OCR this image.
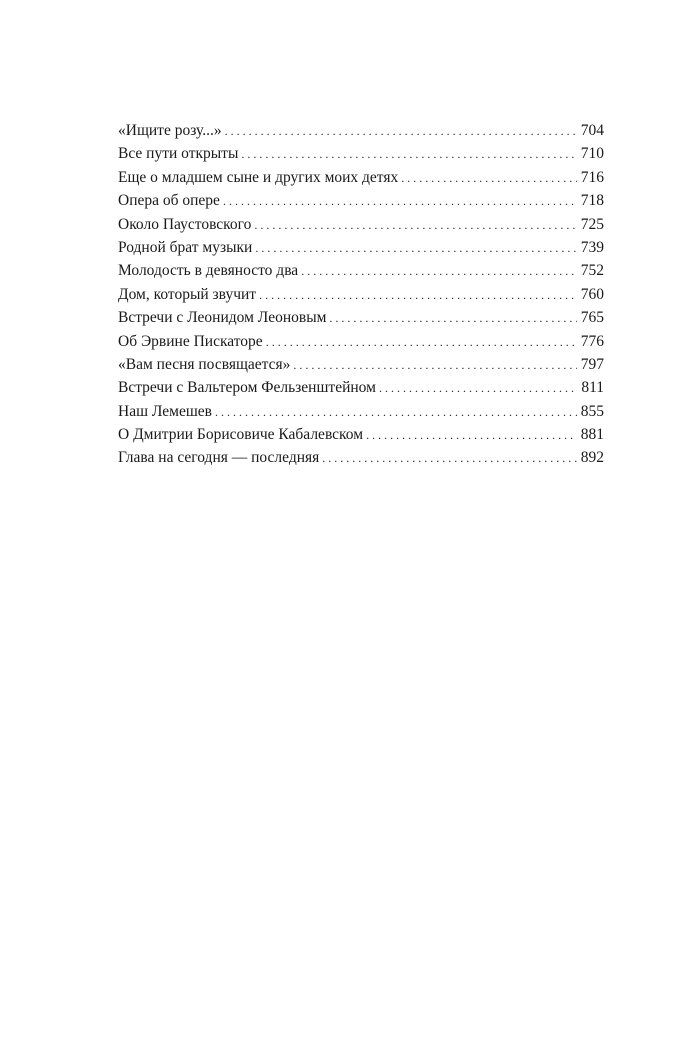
«Ищите розу...» . . .	704
Все пути открыты . . .	710
Еще о младшем сыне и других моих детях . . .	716
Опера об опере . . .	718
Около Паустовского . . .	725
Родной брат музыки . . .	739
Молодость в девяносто два . . .	752
Дом, который звучит . . .	760
Встречи с Леонидом Леоновым . . .	765
Об Эрвине Пискаторе . . .	776
«Вам песня посвящается» . . .	797
Встречи с Вальтером Фельзенштейном . . .	811
Наш Лемешев . . .	855
О Дмитрии Борисовиче Кабалевском . . .	881
Глава на сегодня — последняя . . .	892
